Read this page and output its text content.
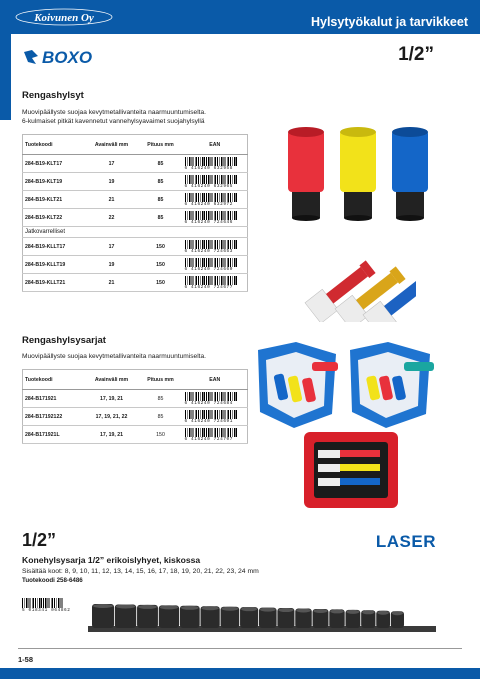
Koivunen Oy	Hylsytyökalut ja tarvikkeet
BOXO	1/2”
Rengashylsyt
Muovipäällyste suojaa kevytmetallivanteita naarmuuntumiselta.
6-kulmaiset pitkät kavennetut vannehylsyavaimet suojahylsyllä
Tuotekoodi	Avainväli mm	Pituus mm	EAN
284-B19-KLT17	17	85	6 416240 632958

284-B19-KLT19	19	85	6 416240 632965

284-B19-KLT21	21	85	6 416240 632972

284-B19-KLT22	22	85	6 416240 724646

Jatkovarrelliset			
284-B19-KLLT17	17	150	6 416240 724653

284-B19-KLLT19	19	150	6 416240 724660

284-B19-KLLT21	21	150	6 416240 724677
Rengashylsysarjat
Muovipäällyste suojaa kevytmetallivanteita naarmuuntumiselta.
Tuotekoodi	Avainväli mm	Pituus mm	EAN
284-B171921	17, 19, 21	85	6 416240 724684

284-B17192122	17, 19, 21, 22	85	6 416240 724691

284-B171921L	17, 19, 21	150	6 416240 724707
1/2”	LASER
Konehylsysarja 1/2” erikoislyhyet, kiskossa
Sisältää koot: 8, 9, 10, 11, 12, 13, 14, 15, 16, 17, 18, 19, 20, 21, 22, 23, 24 mm
Tuotekoodi 258-6486
5 018341 064862
1-58
